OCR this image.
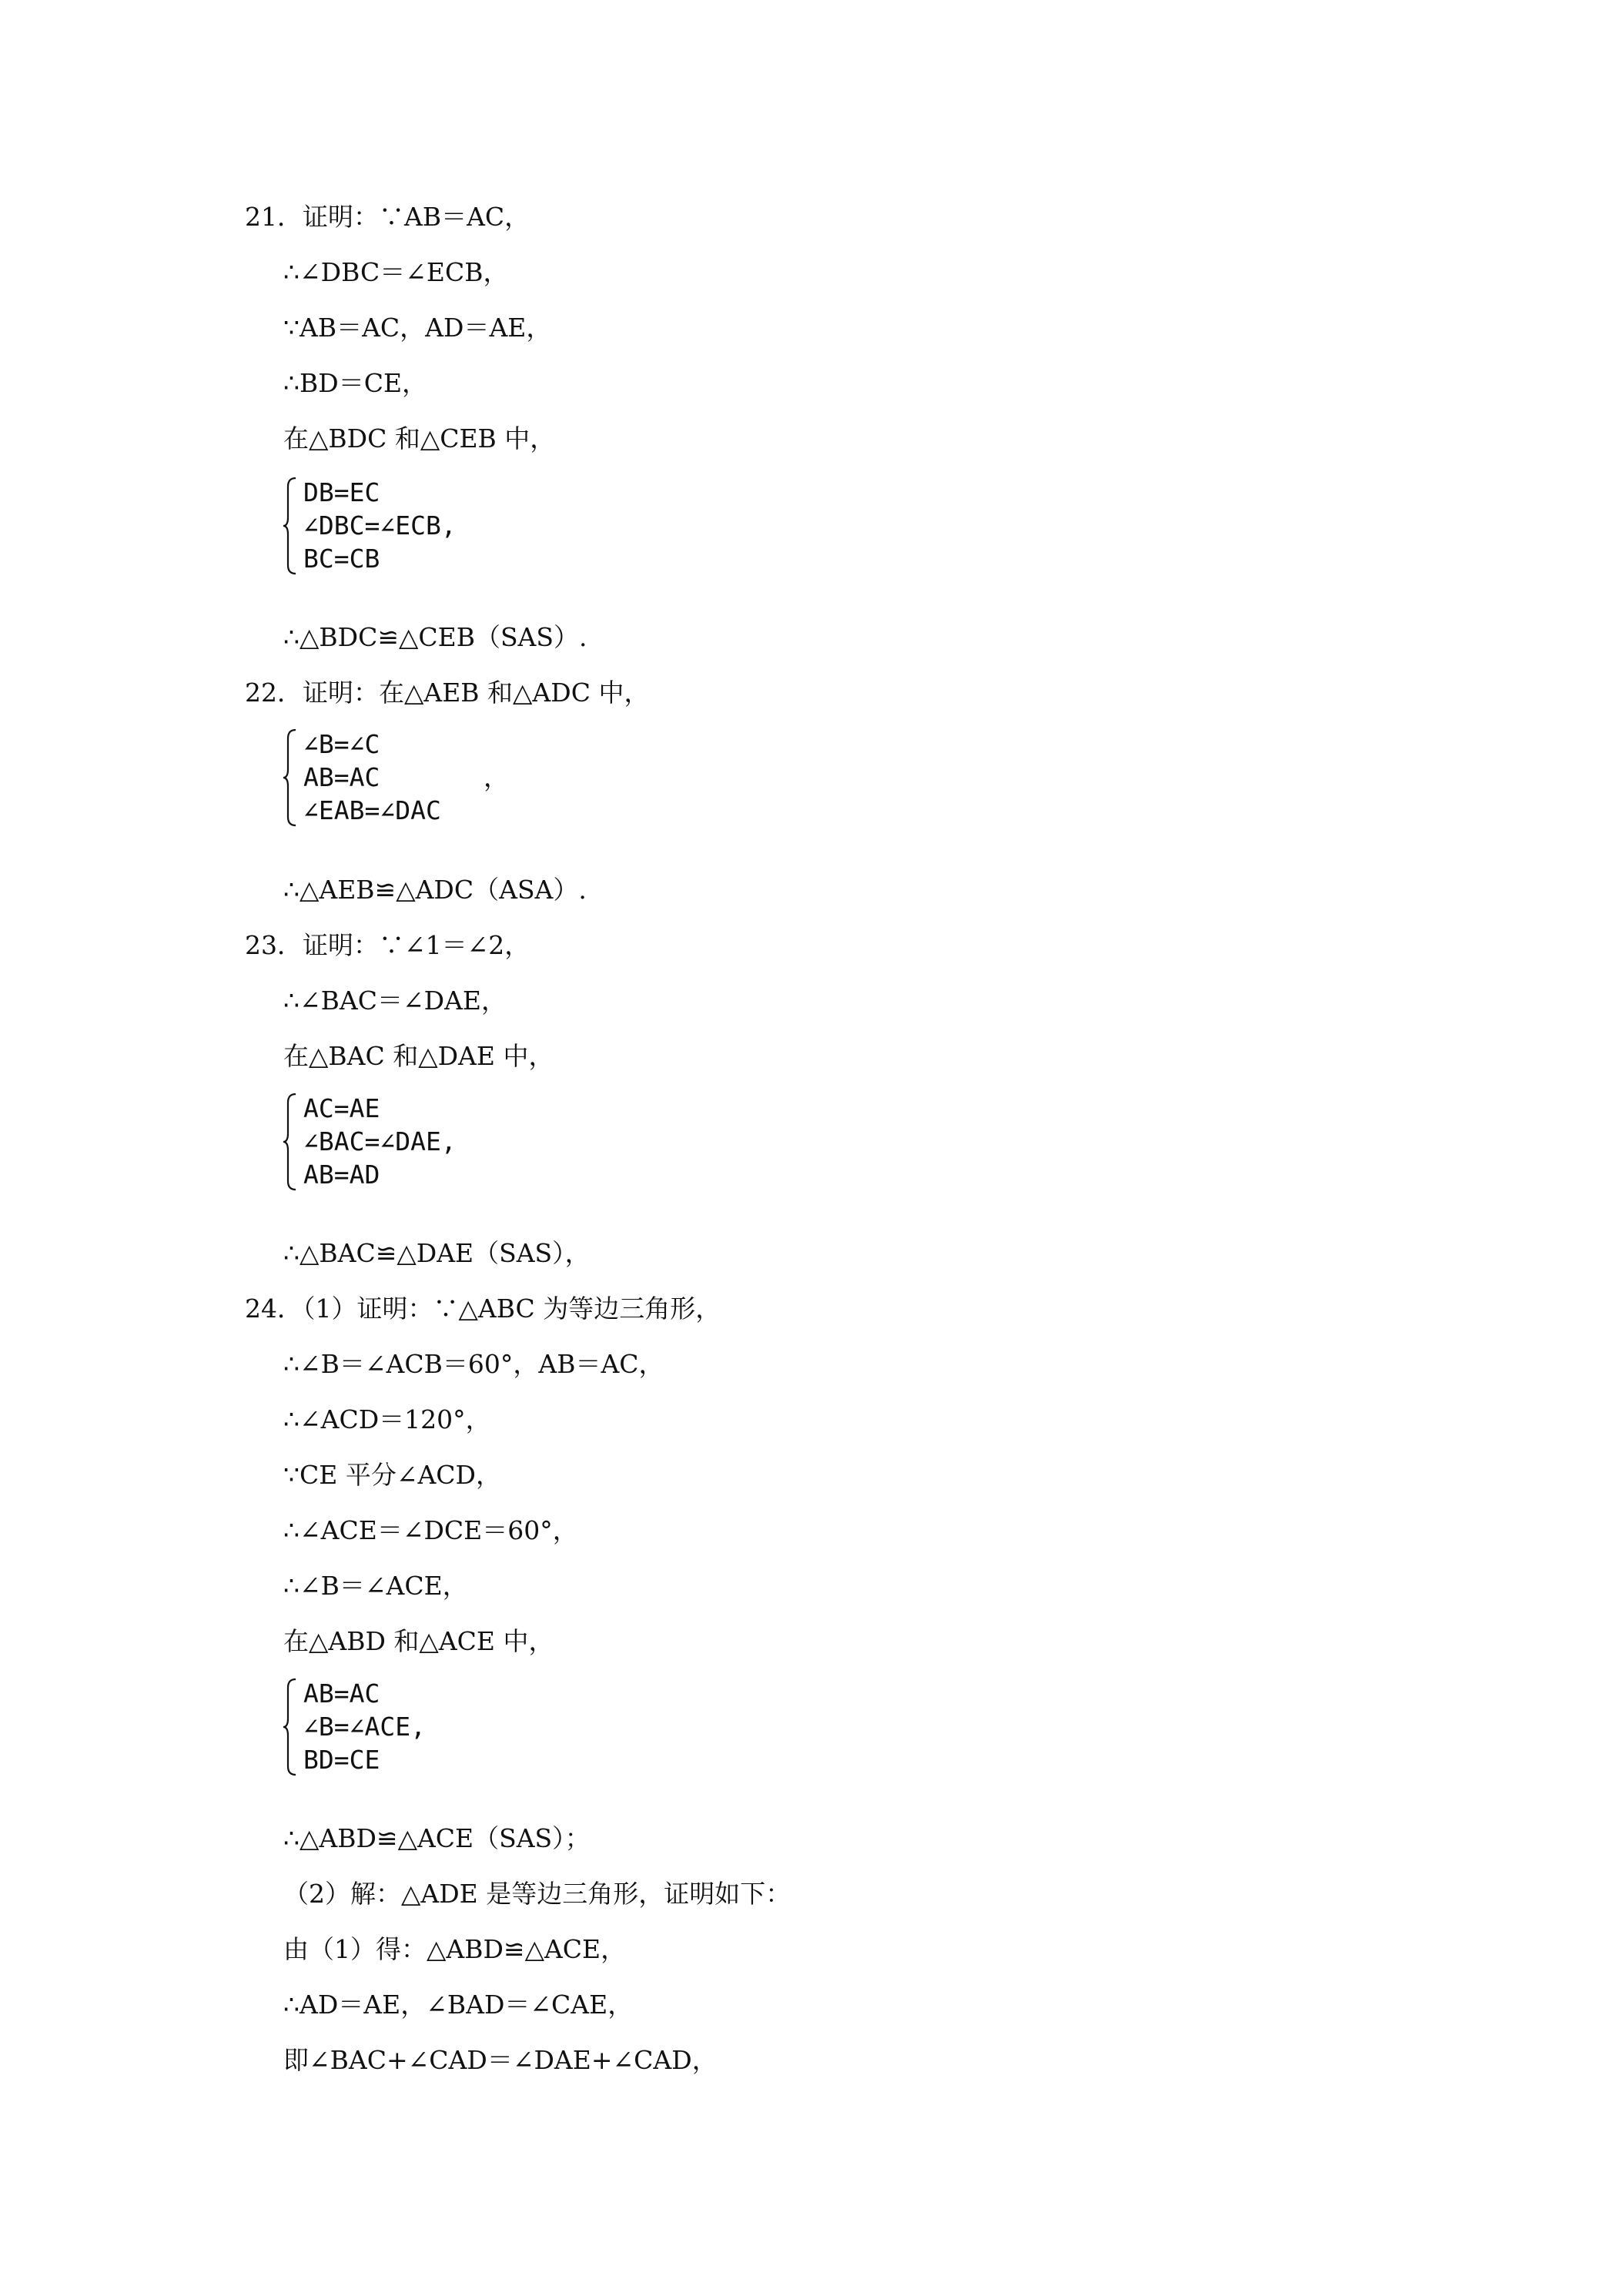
21．证明：∵AB＝AC，
∴∠DBC＝∠ECB，
∵AB＝AC，AD＝AE，
∴BD＝CE，
在△BDC 和△CEB 中，
DB=EC
∠DBC=∠ECB,
BC=CB
∴△BDC≌△CEB（SAS）.
22．证明：在△AEB 和△ADC 中，
∠B=∠C
AB=AC
∠EAB=∠DAC
，
∴△AEB≌△ADC（ASA）.
23．证明：∵∠1＝∠2，
∴∠BAC＝∠DAE，
在△BAC 和△DAE 中，
AC=AE
∠BAC=∠DAE,
AB=AD
∴△BAC≌△DAE（SAS），
24．（1）证明：∵△ABC 为等边三角形，
∴∠B＝∠ACB＝60°，AB＝AC，
∴∠ACD＝120°，
∵CE 平分∠ACD，
∴∠ACE＝∠DCE＝60°，
∴∠B＝∠ACE，
在△ABD 和△ACE 中，
AB=AC
∠B=∠ACE,
BD=CE
∴△ABD≌△ACE（SAS）；
（2）解：△ADE 是等边三角形，证明如下：
由（1）得：△ABD≌△ACE，
∴AD＝AE，∠BAD＝∠CAE，
即∠BAC+∠CAD＝∠DAE+∠CAD，
